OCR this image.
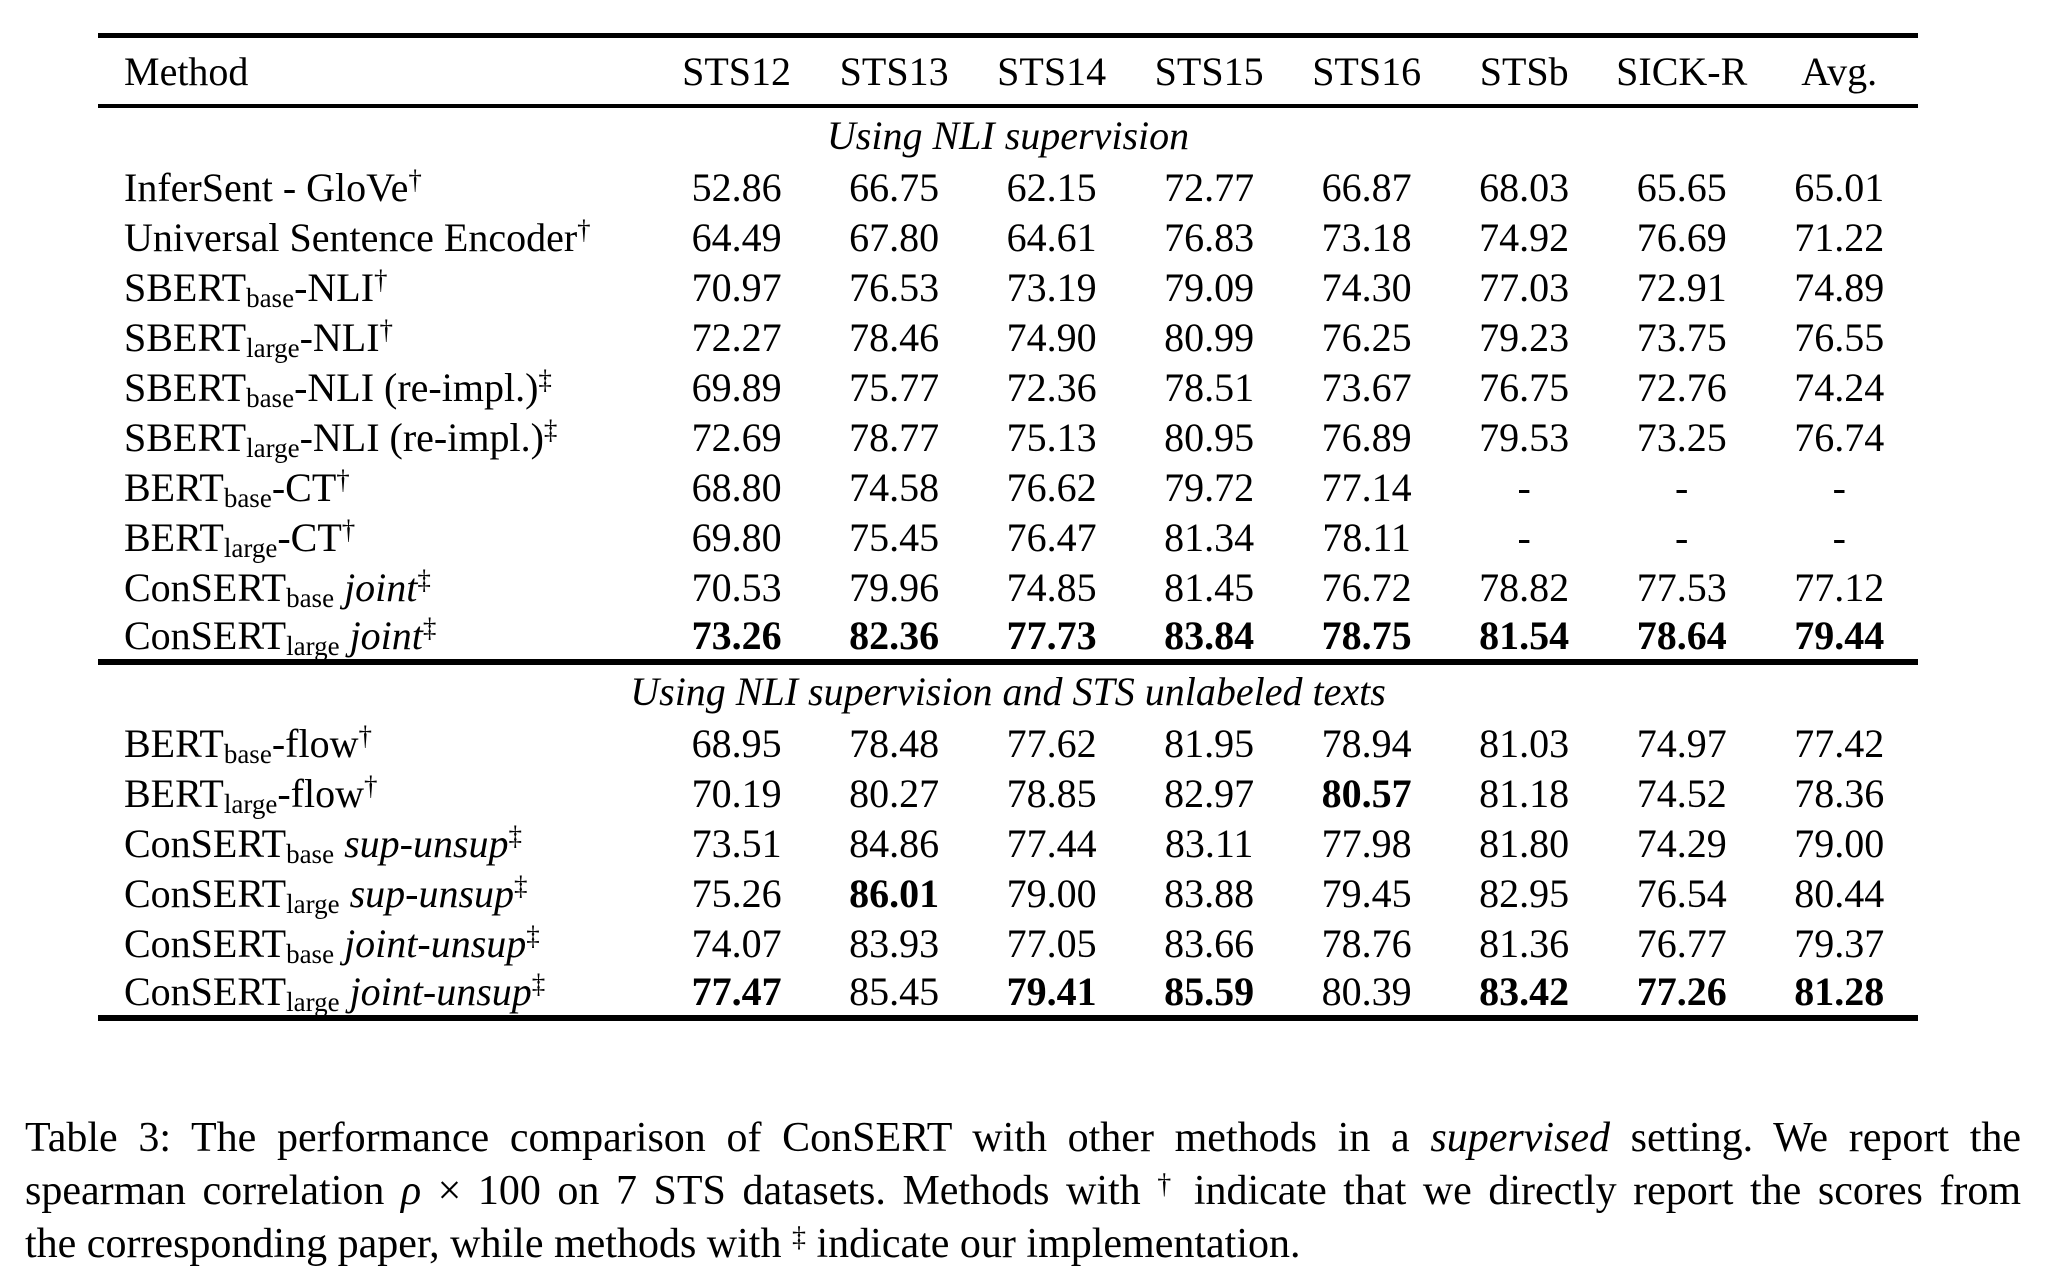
Method	STS12	STS13	STS14	STS15	STS16	STSb	SICK-R	Avg.
Using NLI supervision								
InferSent - GloVe†	52.86	66.75	62.15	72.77	66.87	68.03	65.65	65.01
Universal Sentence Encoder†	64.49	67.80	64.61	76.83	73.18	74.92	76.69	71.22
$SBERT_{base}-NLI^\dagger$	70.97	76.53	73.19	79.09	74.30	77.03	72.91	74.89
$SBERT_{large}-NLI^\dagger$	72.27	78.46	74.90	80.99	76.25	79.23	73.75	76.55
$SBERT_{base}$-NLI (re-impl.)‡	69.89	75.77	72.36	78.51	73.67	76.75	72.76	74.24
$SBERT_{large}$-NLI (re-impl.)‡	72.69	78.77	75.13	80.95	76.89	79.53	73.25	76.74
$BERT_{base}-CT^\dagger$	68.80	74.58	76.62	79.72	77.14	-	-	-
$BERT_{large}-CT^\dagger$	69.80	75.45	76.47	81.34	78.11	-	-	-
ConSERT$_{base}$ joint‡	70.53	79.96	74.85	81.45	76.72	78.82	77.53	77.12
ConSERT$_{large}$ joint‡	73.26	82.36	77.73	83.84	78.75	81.54	78.64	79.44
Using NLI supervision and STS unlabeled texts								
$BERT_{base}-flow^\dagger$	68.95	78.48	77.62	81.95	78.94	81.03	74.97	77.42
$BERT_{large}-flow^\dagger$	70.19	80.27	78.85	82.97	80.57	81.18	74.52	78.36
ConSERT$_{base}$ sup-unsup‡	73.51	84.86	77.44	83.11	77.98	81.80	74.29	79.00
ConSERT$_{large}$ sup-unsup‡	75.26	86.01	79.00	83.88	79.45	82.95	76.54	80.44
ConSERT$_{base}$ joint-unsup‡	74.07	83.93	77.05	83.66	78.76	81.36	76.77	79.37
ConSERT$_{large}$ joint-unsup‡	77.47	85.45	79.41	85.59	80.39	83.42	77.26	81.28
Table 3: The performance comparison of ConSERT with other methods in a supervised setting. We report the
spearman correlation ρ × 100 on 7 STS datasets. Methods with † indicate that we directly report the scores from
the corresponding paper, while methods with ‡ indicate our implementation.
